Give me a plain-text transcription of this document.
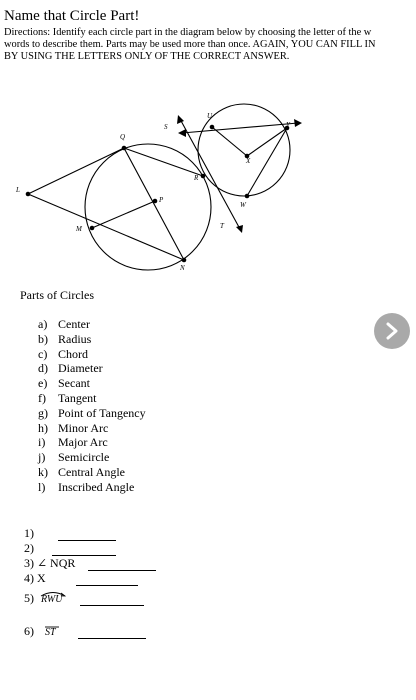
Name that Circle Part!
Directions: Identify each circle part in the diagram below by choosing the letter of the w
words to describe them. Parts may be used more than once. AGAIN, YOU CAN FILL IN
BY USING THE LETTERS ONLY OF THE CORRECT ANSWER.
L
Q
M
P
N
S
R
U
Y
X
W
T
Parts of Circles
a) Center
b) Radius
c) Chord
d) Diameter
e) Secant
f) Tangent
g) Point of Tangency
h) Minor Arc
i) Major Arc
j) Semicircle
k) Central Angle
l) Inscribed Angle
1)
2)
3) ∠ NQR
4) X
5) RWU
6) ST
